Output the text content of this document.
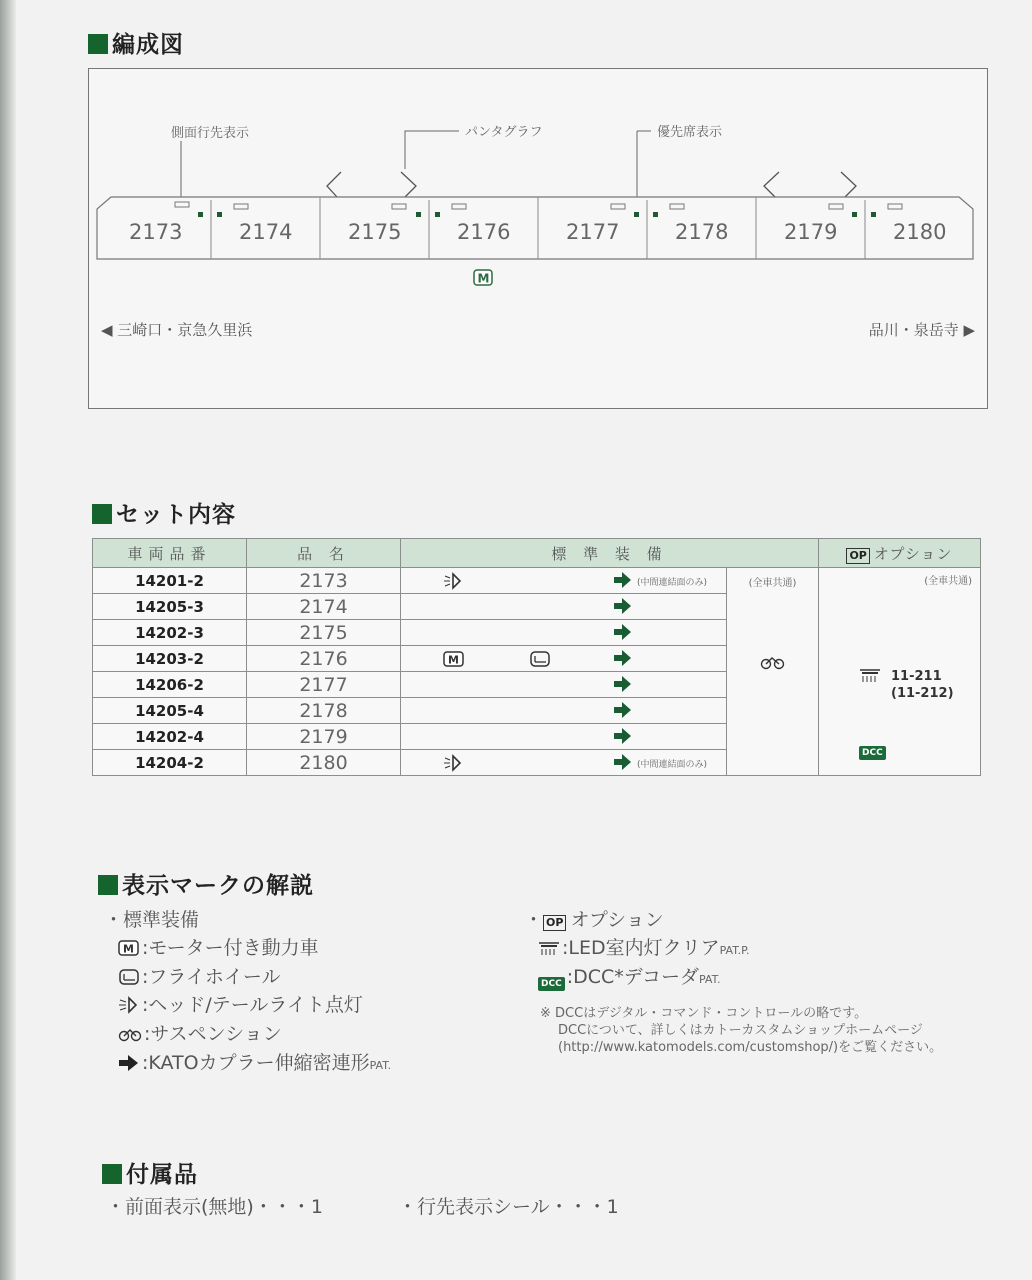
編成図
側面行先表示	パンタグラフ	優先席表示
2173	2174	2175	2176	2177	2178	2179	2180
M
◀ 三崎口・京急久里浜	品川・泉岳寺 ▶
セット内容
車両品番	品 名	標 準 装 備		OP オプション
14201-2	2173	(中間連結面のみ)	(全車共通)	(全車共通)
11-211
(11-212)
DCC

14205-3	2174	

14202-3	2175	

14203-2	2176	M		

14206-2	2177	

14205-4	2178	

14202-4	2179	

14204-2	2180	(中間連結面のみ)		
表示マークの解説
・標準装備
M :モーター付き動力車
:フライホイール
:ヘッド/テールライト点灯
:サスペンション
:KATOカプラー伸縮密連形PAT.
・ OP オプション
:LED室内灯クリアPAT.P.
DCC :DCC*デコーダPAT.
※ DCCはデジタル・コマンド・コントロールの略です。
DCCについて、詳しくはカトーカスタムショップホームページ
(http://www.katomodels.com/customshop/)をご覧ください。
付属品
・前面表示(無地)・・・1	・行先表示シール・・・1
